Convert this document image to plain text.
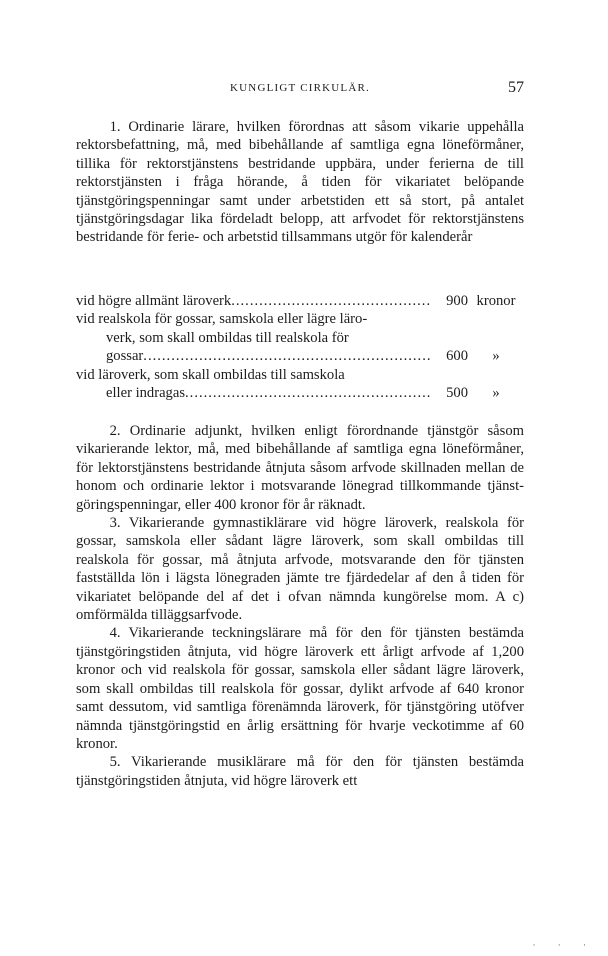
KUNGLIGT CIRKULÄR.	57

1. Ordinarie lärare, hvilken förordnas att såsom vikarie uppehålla rektorsbefattning, må, med bibehållande af samtliga egna löneförmåner, tillika för rektorstjänstens bestridande uppbära, under ferierna de till rektorstjänsten i fråga hörande, å tiden för vikariatet belöpande tjänstgöringspenningar samt under arbetstiden ett så stort, på antalet tjänstgöringsdagar lika fördeladt belopp, att arfvodet för rektorstjänstens bestridande för ferie- och arbetstid tillsammans utgör för kalenderår

vid högre allmänt läroverk .....	900 kronor
vid realskola för gossar, samskola eller lägre läro-
verk, som skall ombildas till realskola för
gossar .....	600	»
vid läroverk, som skall ombildas till samskola
eller indragas .....	500	»

2. Ordinarie adjunkt, hvilken enligt förordnande tjänstgör såsom vikarierande lektor, må, med bibehållande af samtliga egna löneförmåner, för lektorstjänstens bestridande åtnjuta såsom arfvode skillnaden mellan de honom och ordinarie lektor i motsvarande lönegrad tillkommande tjänstgöringspenningar, eller 400 kronor för år räknadt.

3. Vikarierande gymnastiklärare vid högre läroverk, realskola för gossar, samskola eller sådant lägre läroverk, som skall ombildas till realskola för gossar, må åtnjuta arfvode, motsvarande den för tjänsten fastställda lön i lägsta lönegraden jämte tre fjärdedelar af den å tiden för vikariatet belöpande del af det i ofvan nämnda kungörelse mom. A c) omförmälda tilläggsarfvode.

4. Vikarierande teckningslärare må för den för tjänsten bestämda tjänstgöringstiden åtnjuta, vid högre läroverk ett årligt arfvode af 1,200 kronor och vid realskola för gossar, samskola eller sådant lägre läroverk, som skall ombildas till realskola för gossar, dylikt arfvode af 640 kronor samt dessutom, vid samtliga förenämnda läroverk, för tjänstgöring utöfver nämnda tjänstgöringstid en årlig ersättning för hvarje veckotimme af 60 kronor.

5. Vikarierande musiklärare må för den för tjänsten bestämda tjänstgöringstiden åtnjuta, vid högre läroverk ett

· · ·
